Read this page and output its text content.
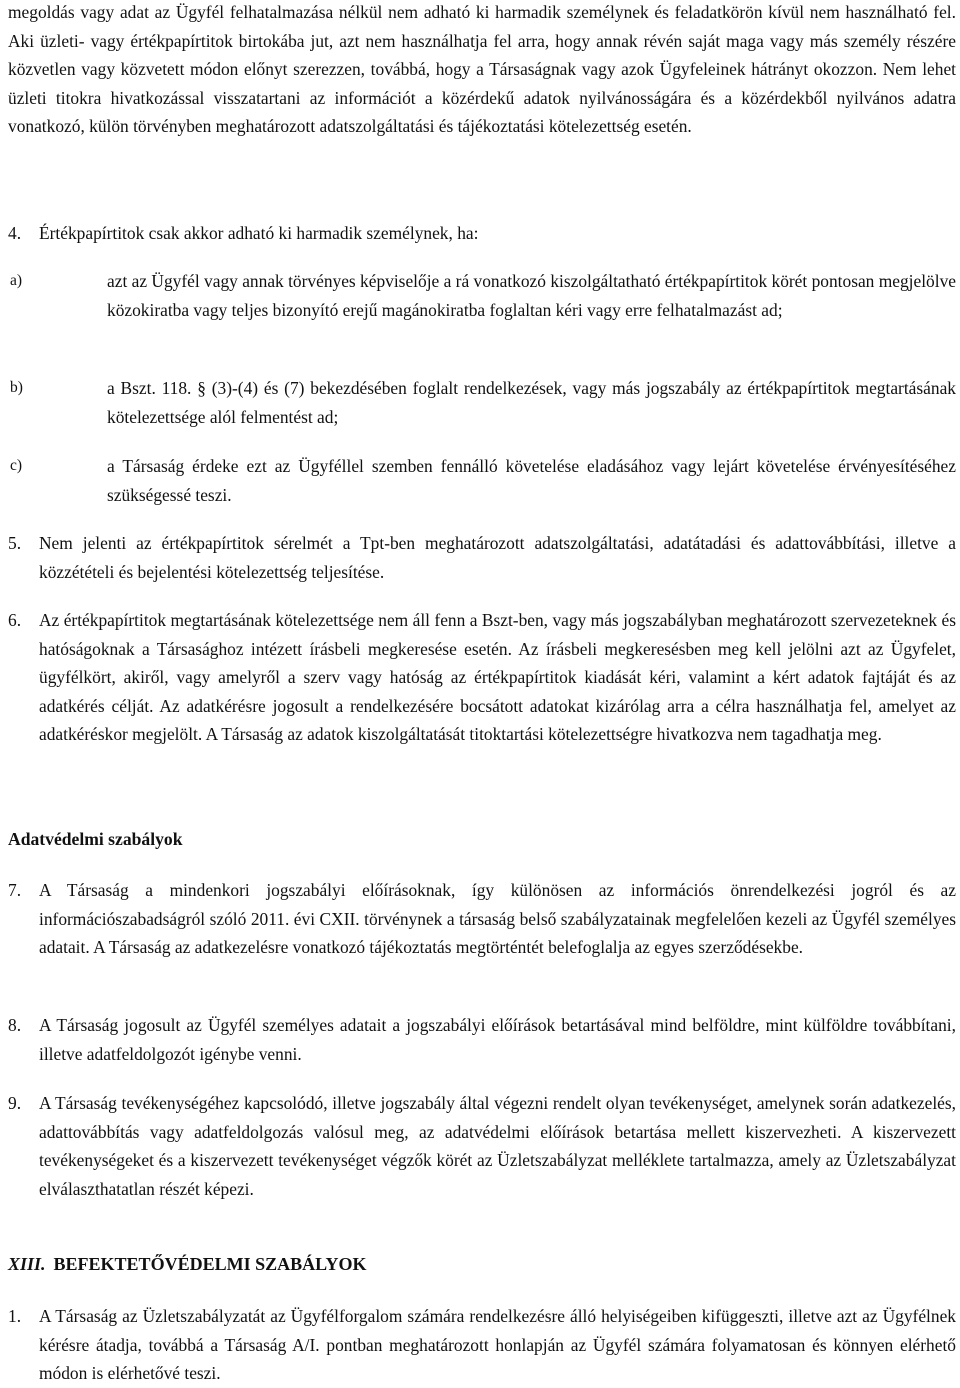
megoldás vagy adat az Ügyfél felhatalmazása nélkül nem adható ki harmadik személynek és feladatkörön kívül nem használható fel. Aki üzleti- vagy értékpapírtitok birtokába jut, azt nem használhatja fel arra, hogy annak révén saját maga vagy más személy részére közvetlen vagy közvetett módon előnyt szerezzen, továbbá, hogy a Társaságnak vagy azok Ügyfeleinek hátrányt okozzon. Nem lehet üzleti titokra hivatkozással visszatartani az információt a közérdekű adatok nyilvánosságára és a közérdekből nyilvános adatra vonatkozó, külön törvényben meghatározott adatszolgáltatási és tájékoztatási kötelezettség esetén.
4.	Értékpapírtitok csak akkor adható ki harmadik személynek, ha:
a)	azt az Ügyfél vagy annak törvényes képviselője a rá vonatkozó kiszolgáltatható értékpapírtitok körét pontosan megjelölve közokiratba vagy teljes bizonyító erejű magánokiratba foglaltan kéri vagy erre felhatalmazást ad;
b)	a Bszt. 118. § (3)-(4) és (7) bekezdésében foglalt rendelkezések, vagy más jogszabály az értékpapírtitok megtartásának kötelezettsége alól felmentést ad;
c)	a Társaság érdeke ezt az Ügyféllel szemben fennálló követelése eladásához vagy lejárt követelése érvényesítéséhez szükségessé teszi.
5.	Nem jelenti az értékpapírtitok sérelmét a Tpt-ben meghatározott adatszolgáltatási, adatátadási és adattovábbítási, illetve a közzétételi és bejelentési kötelezettség teljesítése.
6.	Az értékpapírtitok megtartásának kötelezettsége nem áll fenn a Bszt-ben, vagy más jogszabályban meghatározott szervezeteknek és hatóságoknak a Társasághoz intézett írásbeli megkeresése esetén. Az írásbeli megkeresésben meg kell jelölni azt az Ügyfelet, ügyfélkört, akiről, vagy amelyről a szerv vagy hatóság az értékpapírtitok kiadását kéri, valamint a kért adatok fajtáját és az adatkérés célját. Az adatkérésre jogosult a rendelkezésére bocsátott adatokat kizárólag arra a célra használhatja fel, amelyet az adatkéréskor megjelölt. A Társaság az adatok kiszolgáltatását titoktartási kötelezettségre hivatkozva nem tagadhatja meg.
Adatvédelmi szabályok
7.	A Társaság a mindenkori jogszabályi előírásoknak, így különösen az információs önrendelkezési jogról és az információszabadságról szóló 2011. évi CXII. törvénynek a társaság belső szabályzatainak megfelelően kezeli az Ügyfél személyes adatait. A Társaság az adatkezelésre vonatkozó tájékoztatás megtörténtét belefoglalja az egyes szerződésekbe.
8.	A Társaság jogosult az Ügyfél személyes adatait a jogszabályi előírások betartásával mind belföldre, mint külföldre továbbítani, illetve adatfeldolgozót igénybe venni.
9.	A Társaság tevékenységéhez kapcsolódó, illetve jogszabály által végezni rendelt olyan tevékenységet, amelynek során adatkezelés, adattovábbítás vagy adatfeldolgozás valósul meg, az adatvédelmi előírások betartása mellett kiszervezheti. A kiszervezett tevékenységeket és a kiszervezett tevékenységet végzők körét az Üzletszabályzat melléklete tartalmazza, amely az Üzletszabályzat elválaszthatatlan részét képezi.
XIII. BEFEKTETŐVÉDELMI SZABÁLYOK
1.	A Társaság az Üzletszabályzatát az Ügyfélforgalom számára rendelkezésre álló helyiségeiben kifüggeszti, illetve azt az Ügyfélnek kérésre átadja, továbbá a Társaság A/I. pontban meghatározott honlapján az Ügyfél számára folyamatosan és könnyen elérhető módon is elérhetővé teszi.
